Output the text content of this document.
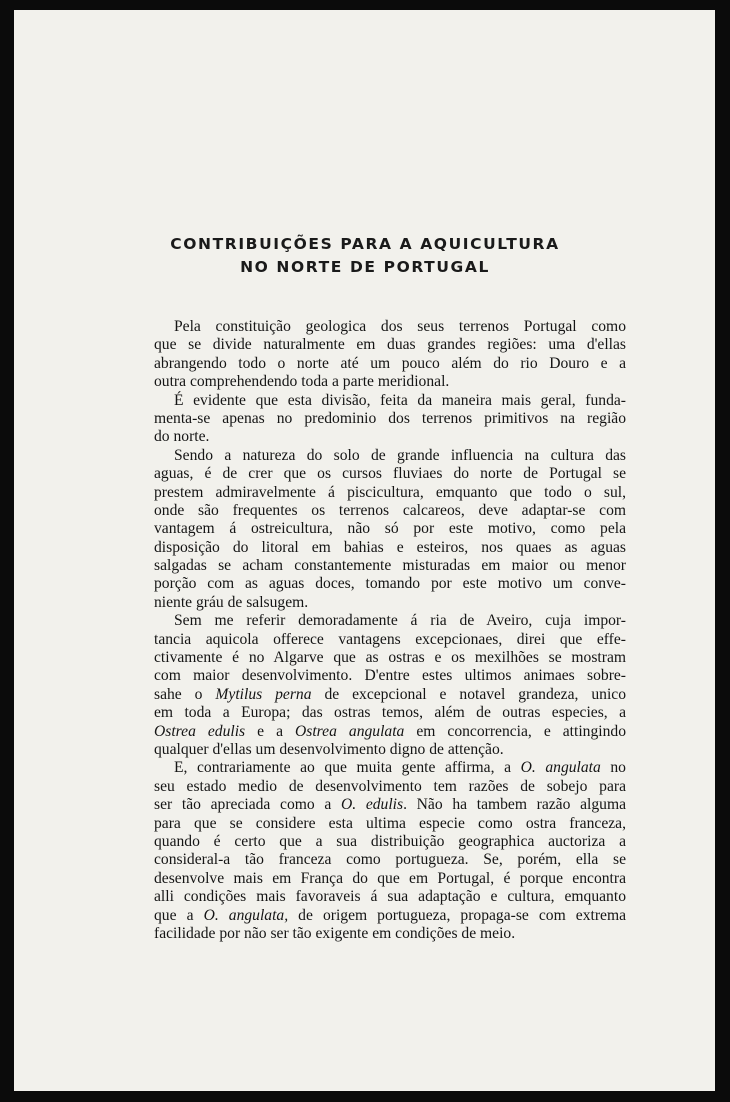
CONTRIBUIÇÕES PARA A AQUICULTURA
NO NORTE DE PORTUGAL
Pela constituição geologica dos seus terrenos Portugal como
que se divide naturalmente em duas grandes regiões: uma d'ellas
abrangendo todo o norte até um pouco além do rio Douro e a
outra comprehendendo toda a parte meridional.
É evidente que esta divisão, feita da maneira mais geral, funda-
menta-se apenas no predominio dos terrenos primitivos na região
do norte.
Sendo a natureza do solo de grande influencia na cultura das
aguas, é de crer que os cursos fluviaes do norte de Portugal se
prestem admiravelmente á piscicultura, emquanto que todo o sul,
onde são frequentes os terrenos calcareos, deve adaptar-se com
vantagem á ostreicultura, não só por este motivo, como pela
disposição do litoral em bahias e esteiros, nos quaes as aguas
salgadas se acham constantemente misturadas em maior ou menor
porção com as aguas doces, tomando por este motivo um conve-
niente gráu de salsugem.
Sem me referir demoradamente á ria de Aveiro, cuja impor-
tancia aquicola offerece vantagens excepcionaes, direi que effe-
ctivamente é no Algarve que as ostras e os mexilhões se mostram
com maior desenvolvimento. D'entre estes ultimos animaes sobre-
sahe o Mytilus perna de excepcional e notavel grandeza, unico
em toda a Europa; das ostras temos, além de outras especies, a
Ostrea edulis e a Ostrea angulata em concorrencia, e attingindo
qualquer d'ellas um desenvolvimento digno de attenção.
E, contrariamente ao que muita gente affirma, a O. angulata no
seu estado medio de desenvolvimento tem razões de sobejo para
ser tão apreciada como a O. edulis. Não ha tambem razão alguma
para que se considere esta ultima especie como ostra franceza,
quando é certo que a sua distribuição geographica auctoriza a
consideral-a tão franceza como portugueza. Se, porém, ella se
desenvolve mais em França do que em Portugal, é porque encontra
alli condições mais favoraveis á sua adaptação e cultura, emquanto
que a O. angulata, de origem portugueza, propaga-se com extrema
facilidade por não ser tão exigente em condições de meio.
